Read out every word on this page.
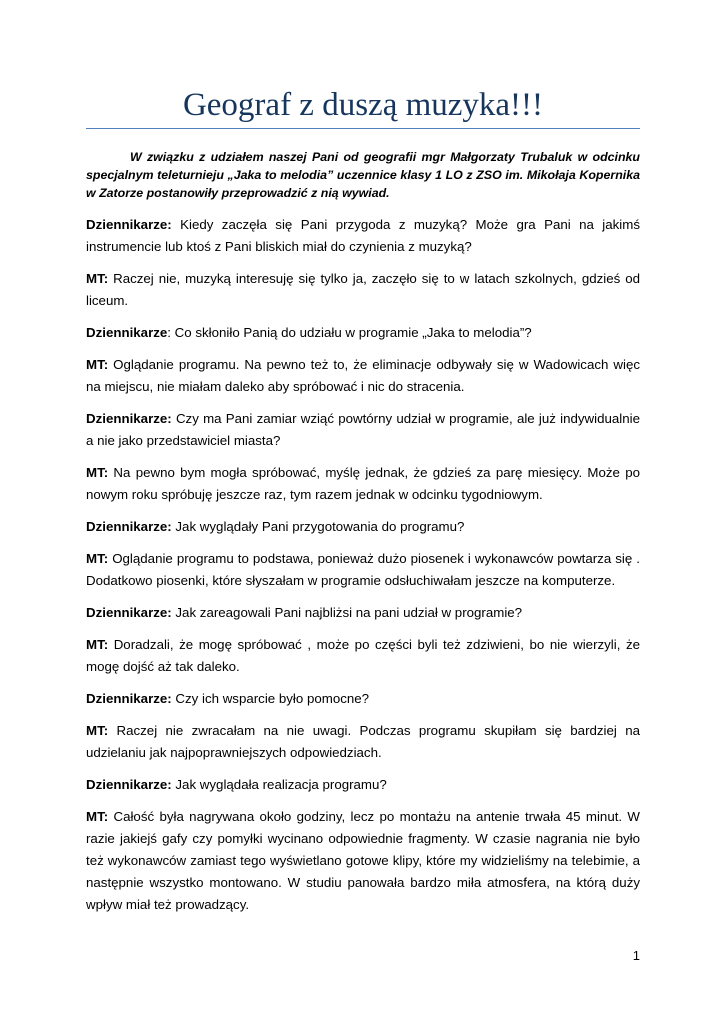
Geograf z duszą muzyka!!!

W związku z udziałem naszej Pani od geografii mgr Małgorzaty Trubaluk w odcinku specjalnym teleturnieju „Jaka to melodia” uczennice klasy 1 LO z ZSO im. Mikołaja Kopernika w Zatorze postanowiły przeprowadzić z nią wywiad.

Dziennikarze: Kiedy zaczęła się Pani przygoda z muzyką? Może gra Pani na jakimś instrumencie lub ktoś z Pani bliskich miał do czynienia z muzyką?

MT: Raczej nie, muzyką interesuję się tylko ja, zaczęło się to w latach szkolnych, gdzieś od liceum.

Dziennikarze: Co skłoniło Panią do udziału w programie „Jaka to melodia”?

MT: Oglądanie programu. Na pewno też to, że eliminacje odbywały się w Wadowicach więc na miejscu, nie miałam daleko aby spróbować i nic do stracenia.

Dziennikarze: Czy ma Pani zamiar wziąć powtórny udział w programie, ale już indywidualnie a nie jako przedstawiciel miasta?

MT: Na pewno bym mogła spróbować, myślę jednak, że gdzieś za parę miesięcy. Może po nowym roku spróbuję jeszcze raz, tym razem jednak w odcinku tygodniowym.

Dziennikarze: Jak wyglądały Pani przygotowania do programu?

MT: Oglądanie programu to podstawa, ponieważ dużo piosenek i wykonawców powtarza się . Dodatkowo piosenki, które słyszałam w programie odsłuchiwałam jeszcze na komputerze.

Dziennikarze: Jak zareagowali Pani najbliżsi na pani udział w programie?

MT: Doradzali, że mogę spróbować , może po części byli też zdziwieni, bo nie wierzyli, że mogę dojść aż tak daleko.

Dziennikarze: Czy ich wsparcie było pomocne?

MT: Raczej nie zwracałam na nie uwagi. Podczas programu skupiłam się bardziej na udzielaniu jak najpoprawniejszych odpowiedziach.

Dziennikarze: Jak wyglądała realizacja programu?

MT: Całość była nagrywana około godziny, lecz po montażu na antenie trwała 45 minut. W razie jakiejś gafy czy pomyłki wycinano odpowiednie fragmenty. W czasie nagrania nie było też wykonawców zamiast tego wyświetlano gotowe klipy, które my widzieliśmy na telebimie, a następnie wszystko montowano. W studiu panowała bardzo miła atmosfera, na którą duży wpływ miał też prowadzący.

1
